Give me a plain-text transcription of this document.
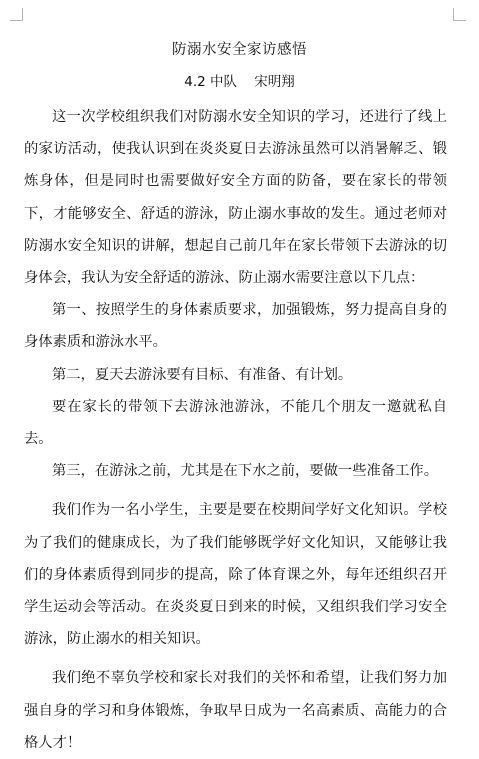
防溺水安全家访感悟
4.2 中队    宋明翔

这一次学校组织我们对防溺水安全知识的学习，还进行了线上的家访活动，使我认识到在炎炎夏日去游泳虽然可以消暑解乏、锻炼身体，但是同时也需要做好安全方面的防备，要在家长的带领下，才能够安全、舒适的游泳，防止溺水事故的发生。通过老师对防溺水安全知识的讲解，想起自己前几年在家长带领下去游泳的切身体会，我认为安全舒适的游泳、防止溺水需要注意以下几点：

第一、按照学生的身体素质要求，加强锻炼，努力提高自身的身体素质和游泳水平。

第二，夏天去游泳要有目标、有准备、有计划。

要在家长的带领下去游泳池游泳，不能几个朋友一邀就私自去。

第三，在游泳之前，尤其是在下水之前，要做一些准备工作。

我们作为一名小学生，主要是要在校期间学好文化知识。学校为了我们的健康成长，为了我们能够既学好文化知识，又能够让我们的身体素质得到同步的提高，除了体育课之外，每年还组织召开学生运动会等活动。在炎炎夏日到来的时候，又组织我们学习安全游泳，防止溺水的相关知识。

我们绝不辜负学校和家长对我们的关怀和希望，让我们努力加强自身的学习和身体锻炼，争取早日成为一名高素质、高能力的合格人才！
